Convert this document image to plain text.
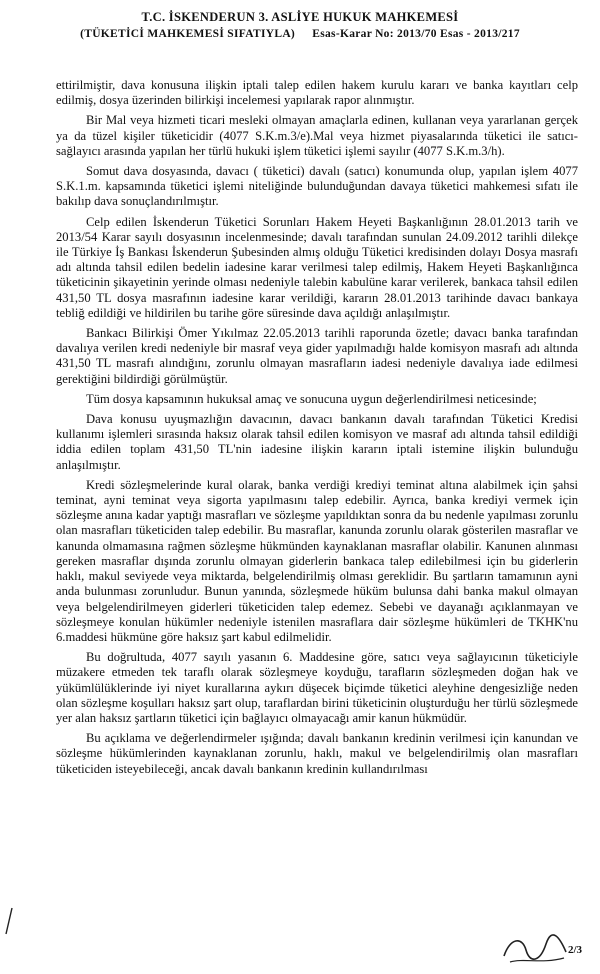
T.C. İSKENDERUN 3. ASLİYE HUKUK MAHKEMESİ
(TÜKETİCİ MAHKEMESİ SIFATIYLA) Esas-Karar No: 2013/70 Esas - 2013/217

ettirilmiştir, dava konusuna ilişkin iptali talep edilen hakem kurulu kararı ve banka kayıtları celp edilmiş, dosya üzerinden bilirkişi incelemesi yapılarak rapor alınmıştır.

Bir Mal veya hizmeti ticari mesleki olmayan amaçlarla edinen, kullanan veya yararlanan gerçek ya da tüzel kişiler tüketicidir (4077 S.K.m.3/e).Mal veya hizmet piyasalarında tüketici ile satıcı- sağlayıcı arasında yapılan her türlü hukuki işlem tüketici işlemi sayılır (4077 S.K.m.3/h).

Somut dava dosyasında, davacı ( tüketici) davalı (satıcı) konumunda olup, yapılan işlem 4077 S.K.1.m. kapsamında tüketici işlemi niteliğinde bulunduğundan davaya tüketici mahkemesi sıfatı ile bakılıp dava sonuçlandırılmıştır.

Celp edilen İskenderun Tüketici Sorunları Hakem Heyeti Başkanlığının 28.01.2013 tarih ve 2013/54 Karar sayılı dosyasının incelenmesinde; davalı tarafından sunulan 24.09.2012 tarihli dilekçe ile Türkiye İş Bankası İskenderun Şubesinden almış olduğu Tüketici kredisinden dolayı Dosya masrafı adı altında tahsil edilen bedelin iadesine karar verilmesi talep edilmiş, Hakem Heyeti Başkanlığınca tüketicinin şikayetinin yerinde olması nedeniyle talebin kabulüne karar verilerek, bankaca tahsil edilen 431,50 TL dosya masrafının iadesine karar verildiği, kararın 28.01.2013 tarihinde davacı bankaya tebliğ edildiği ve hildirilen bu tarihe göre süresinde dava açıldığı anlaşılmıştır.

Bankacı Bilirkişi Ömer Yıkılmaz 22.05.2013 tarihli raporunda özetle; davacı banka tarafından davalıya verilen kredi nedeniyle bir masraf veya gider yapılmadığı halde komisyon masrafı adı altında 431,50 TL masrafı alındığını, zorunlu olmayan masrafların iadesi nedeniyle davalıya iade edilmesi gerektiğini bildirdiği görülmüştür.

Tüm dosya kapsamının hukuksal amaç ve sonucuna uygun değerlendirilmesi neticesinde;

Dava konusu uyuşmazlığın davacının, davacı bankanın davalı tarafından Tüketici Kredisi kullanımı işlemleri sırasında haksız olarak tahsil edilen komisyon ve masraf adı altında tahsil edildiği iddia edilen toplam 431,50 TL'nin iadesine ilişkin kararın iptali istemine ilişkin bulunduğu anlaşılmıştır.

Kredi sözleşmelerinde kural olarak, banka verdiği krediyi teminat altına alabilmek için şahsi teminat, ayni teminat veya sigorta yapılmasını talep edebilir. Ayrıca, banka krediyi vermek için sözleşme anına kadar yaptığı masrafları ve sözleşme yapıldıktan sonra da bu nedenle yapılması zorunlu olan masrafları tüketiciden talep edebilir. Bu masraflar, kanunda zorunlu olarak gösterilen masraflar ve kanunda olmamasına rağmen sözleşme hükmünden kaynaklanan masraflar olabilir. Kanunen alınması gereken masraflar dışında zorunlu olmayan giderlerin bankaca talep edilebilmesi için bu giderlerin haklı, makul seviyede veya miktarda, belgelendirilmiş olması gereklidir. Bu şartların tamamının ayni anda bulunması zorunludur. Bunun yanında, sözleşmede hüküm bulunsa dahi banka makul olmayan veya belgelendirilmeyen giderleri tüketiciden talep edemez. Sebebi ve dayanağı açıklanmayan ve sözleşmeye konulan hükümler nedeniyle istenilen masraflara dair sözleşme hükümleri de TKHK'nu 6.maddesi hükmüne göre haksız şart kabul edilmelidir.

Bu doğrultuda, 4077 sayılı yasanın 6. Maddesine göre, satıcı veya sağlayıcının tüketiciyle müzakere etmeden tek taraflı olarak sözleşmeye koyduğu, tarafların sözleşmeden doğan hak ve yükümlülüklerinde iyi niyet kurallarına aykırı düşecek biçimde tüketici aleyhine dengesizliğe neden olan sözleşme koşulları haksız şart olup, taraflardan birini tüketicinin oluşturduğu her türlü sözleşmede yer alan haksız şartların tüketici için bağlayıcı olmayacağı amir kanun hükmüdür.

Bu açıklama ve değerlendirmeler ışığında; davalı bankanın kredinin verilmesi için kanundan ve sözleşme hükümlerinden kaynaklanan zorunlu, haklı, makul ve belgelendirilmiş olan masrafları tüketiciden isteyebileceği, ancak davalı bankanın kredinin kullandırılması

2/3
